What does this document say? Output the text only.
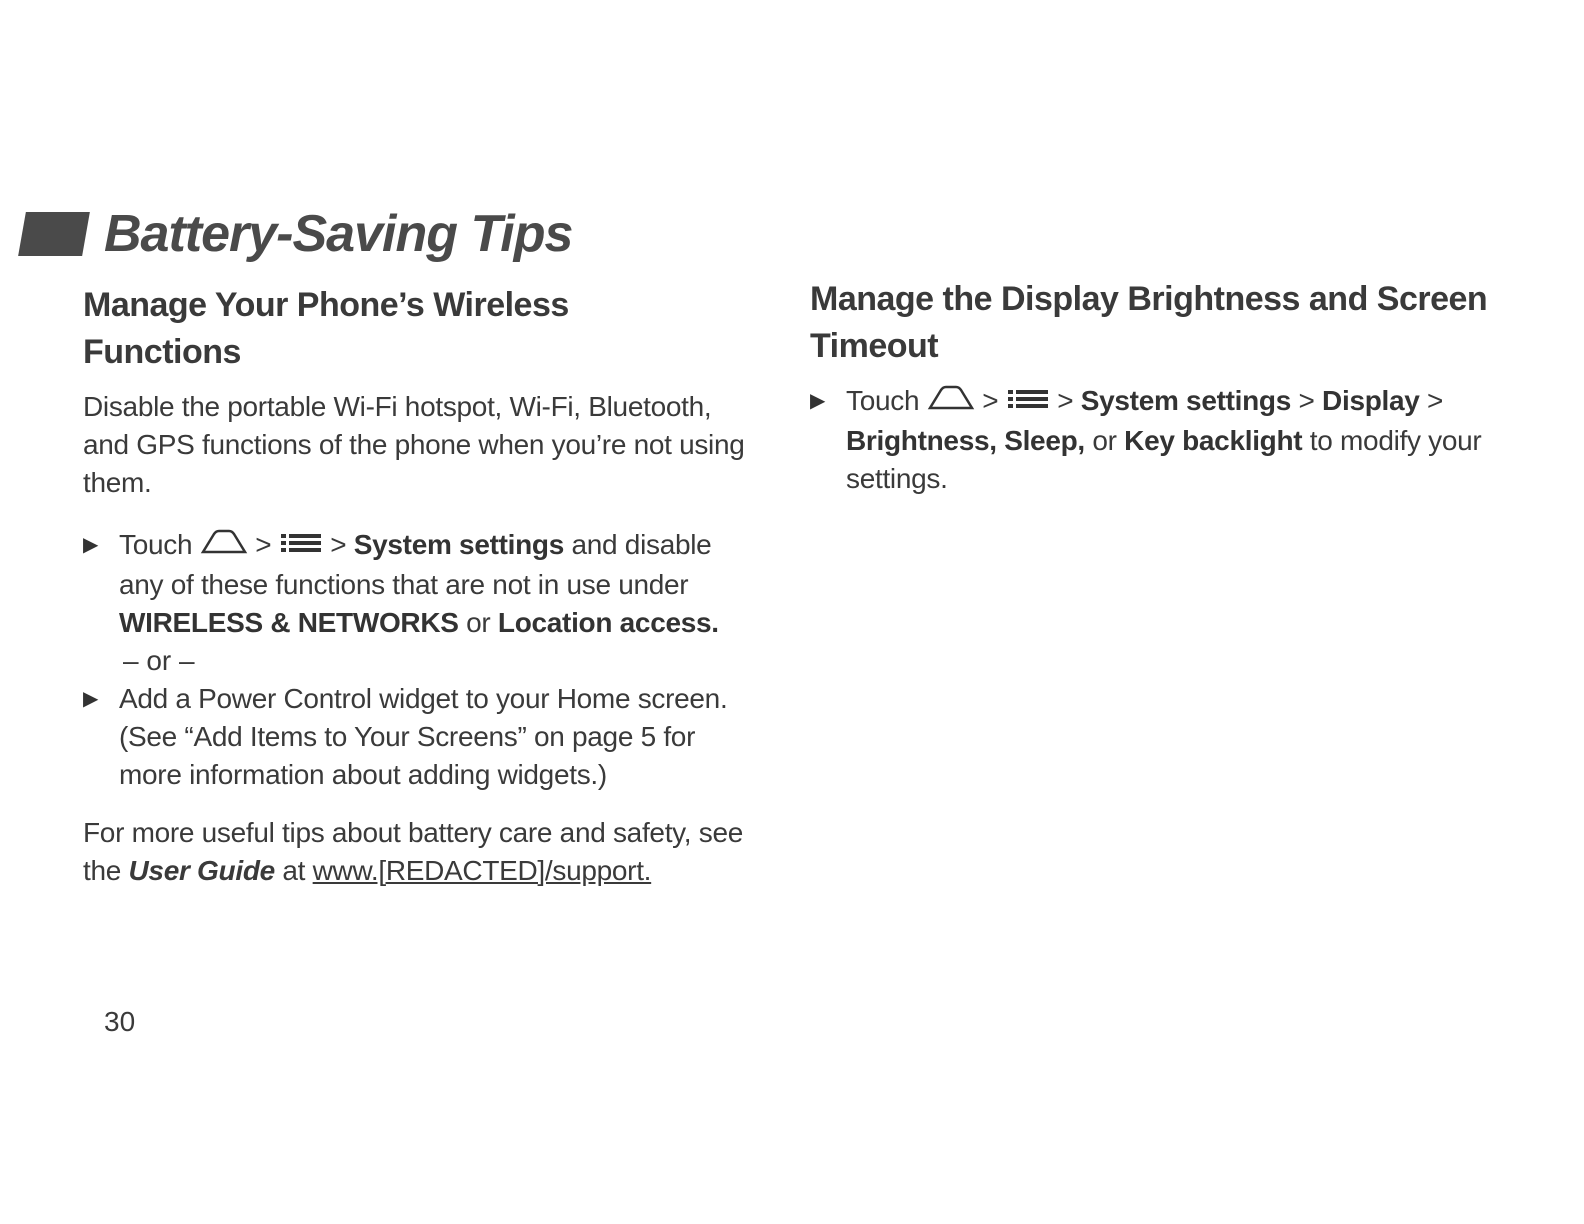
Battery-Saving Tips
Manage Your Phone’s Wireless Functions

Disable the portable Wi-Fi hotspot, Wi-Fi, Bluetooth, and GPS functions of the phone when you’re not using them.

▶ Touch > > System settings and disable any of these functions that are not in use under WIRELESS & NETWORKS or Location access.
– or –
▶ Add a Power Control widget to your Home screen. (See “Add Items to Your Screens” on page 5 for more information about adding widgets.)
For more useful tips about battery care and safety, see the User Guide at www.[REDACTED]/support.
Manage the Display Brightness and Screen Timeout
▶ Touch > > System settings > Display > Brightness, Sleep, or Key backlight to modify your settings.
30
